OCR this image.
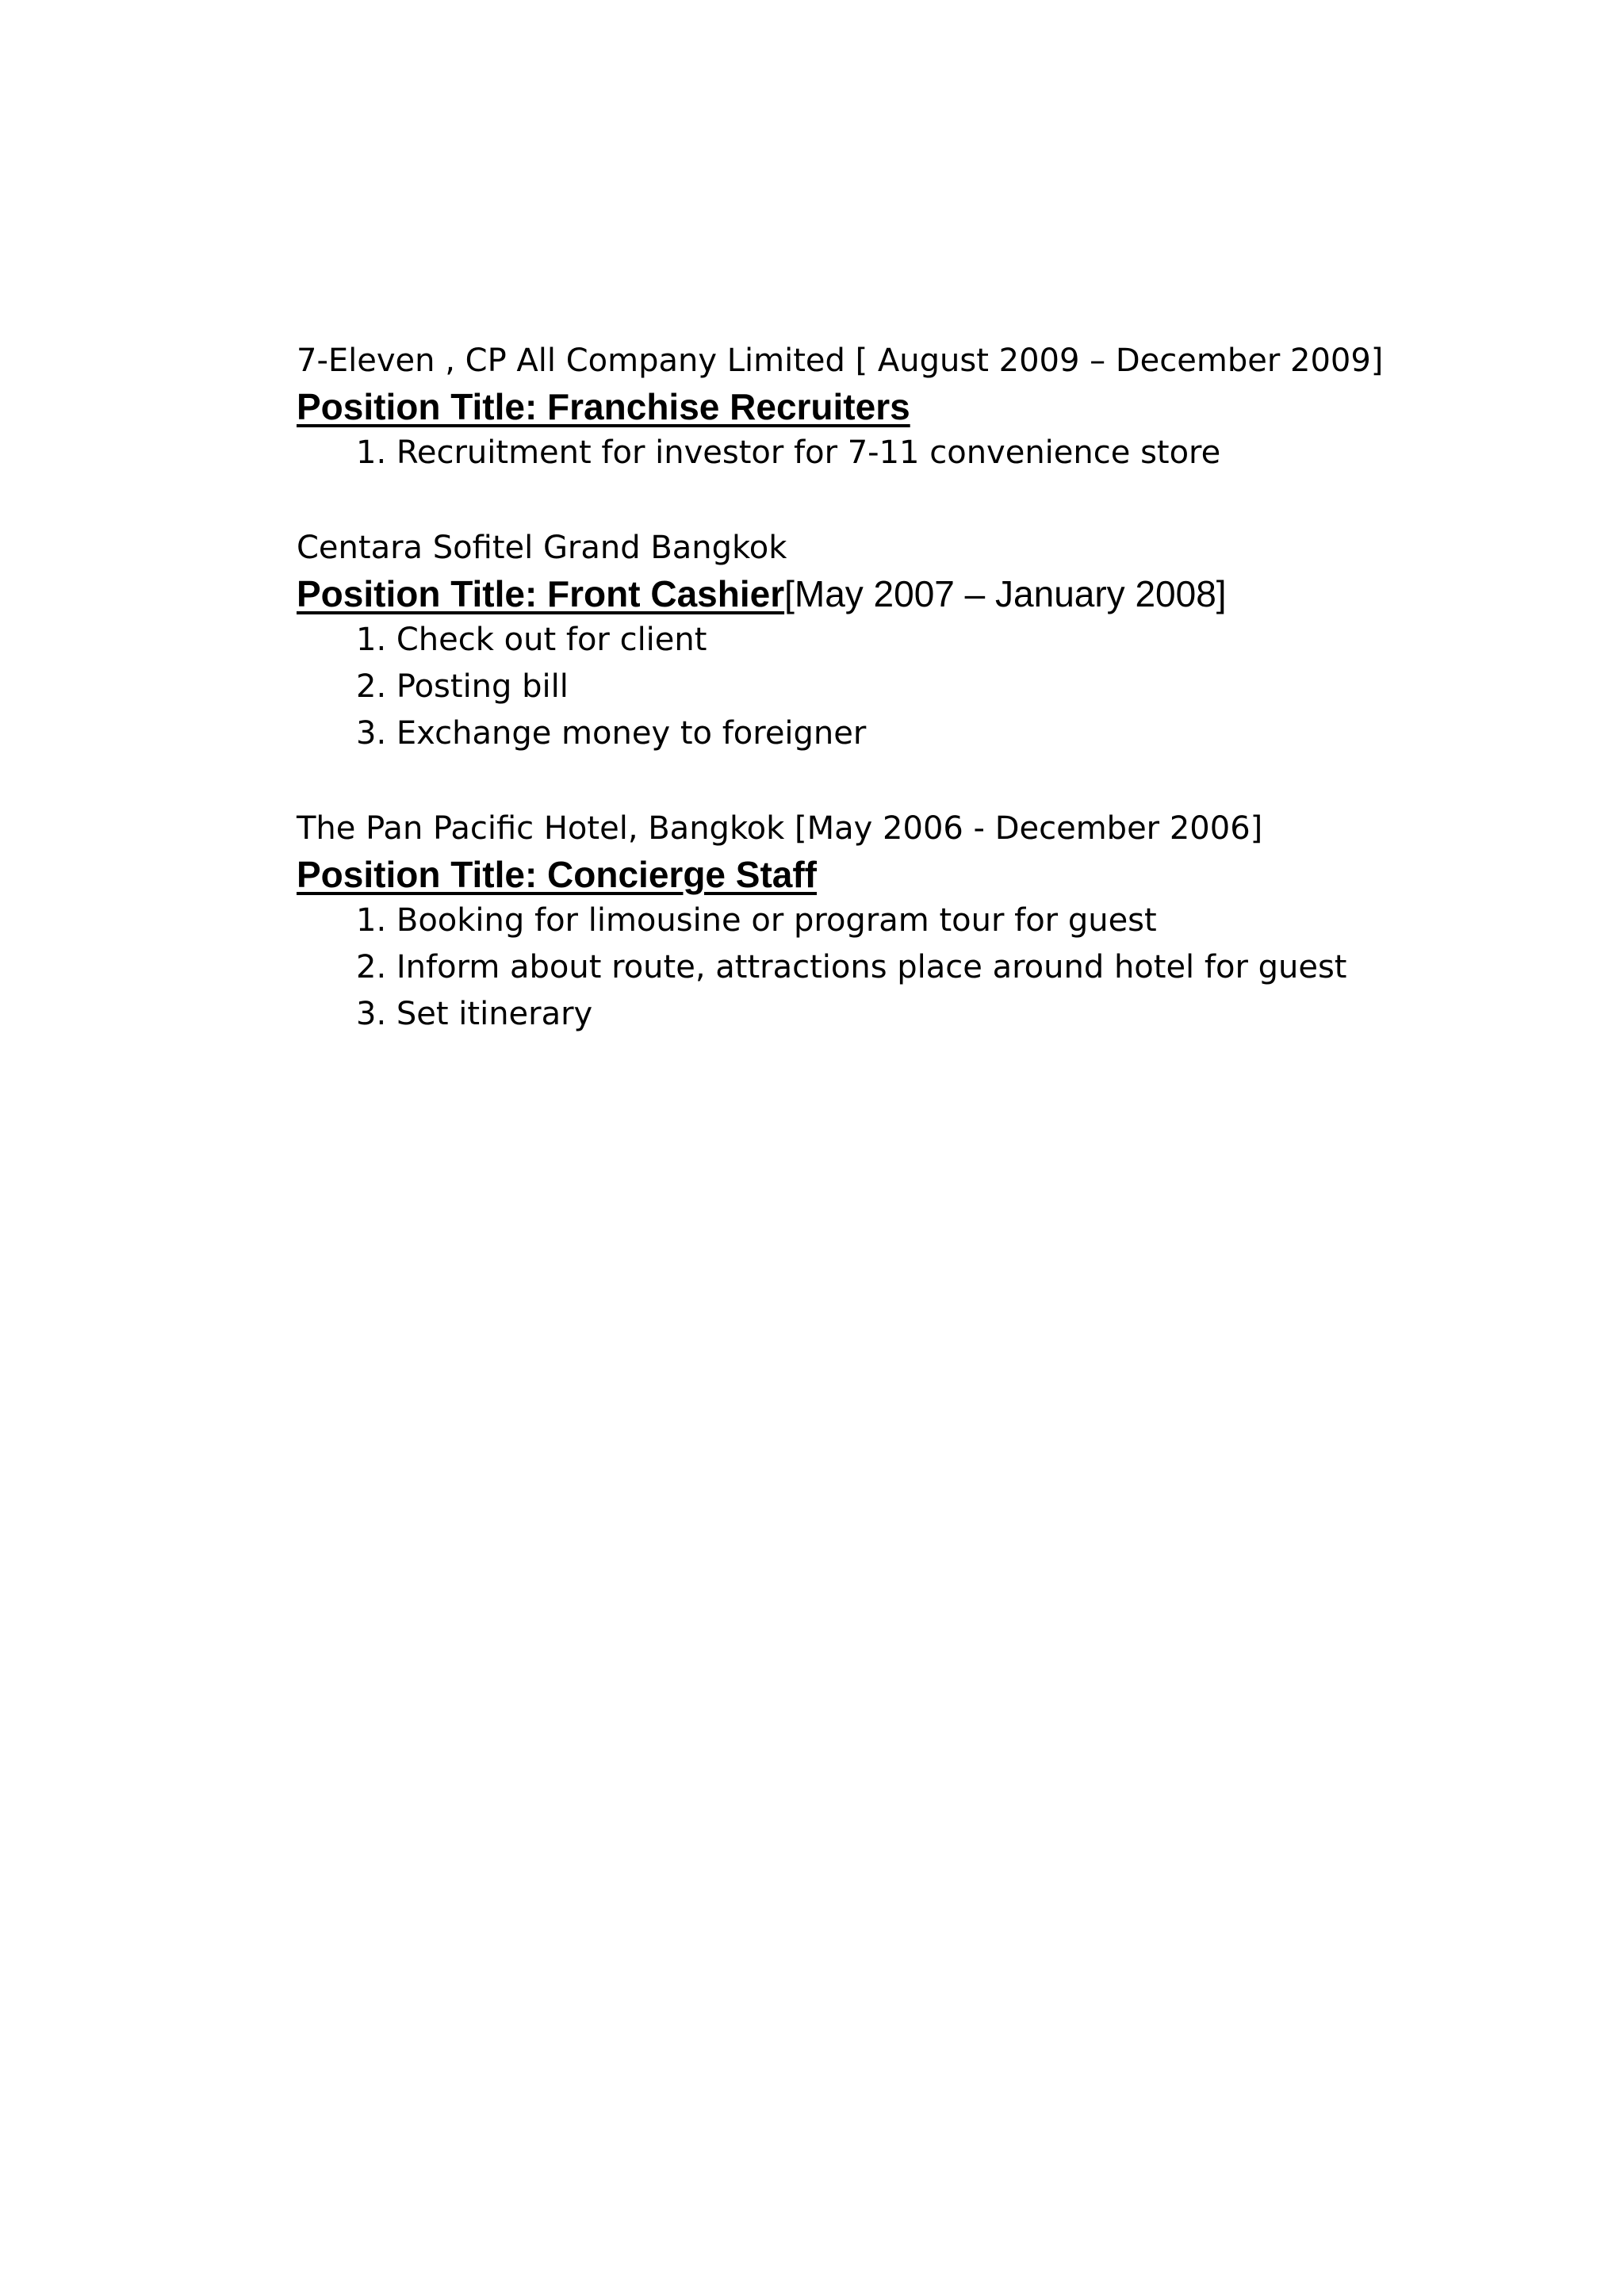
7-Eleven , CP All Company Limited [ August 2009 – December 2009]

Position Title: Franchise Recruiters

1. Recruitment for investor for 7-11 convenience store

Centara Sofitel Grand Bangkok

Position Title: Front Cashier[May 2007 – January 2008]

1. Check out for client
2. Posting bill
3. Exchange money to foreigner

The Pan Pacific Hotel, Bangkok [May 2006 - December 2006]

Position Title: Concierge Staff

1. Booking for limousine or program tour for guest
2. Inform about route, attractions place around hotel for guest
3. Set itinerary
